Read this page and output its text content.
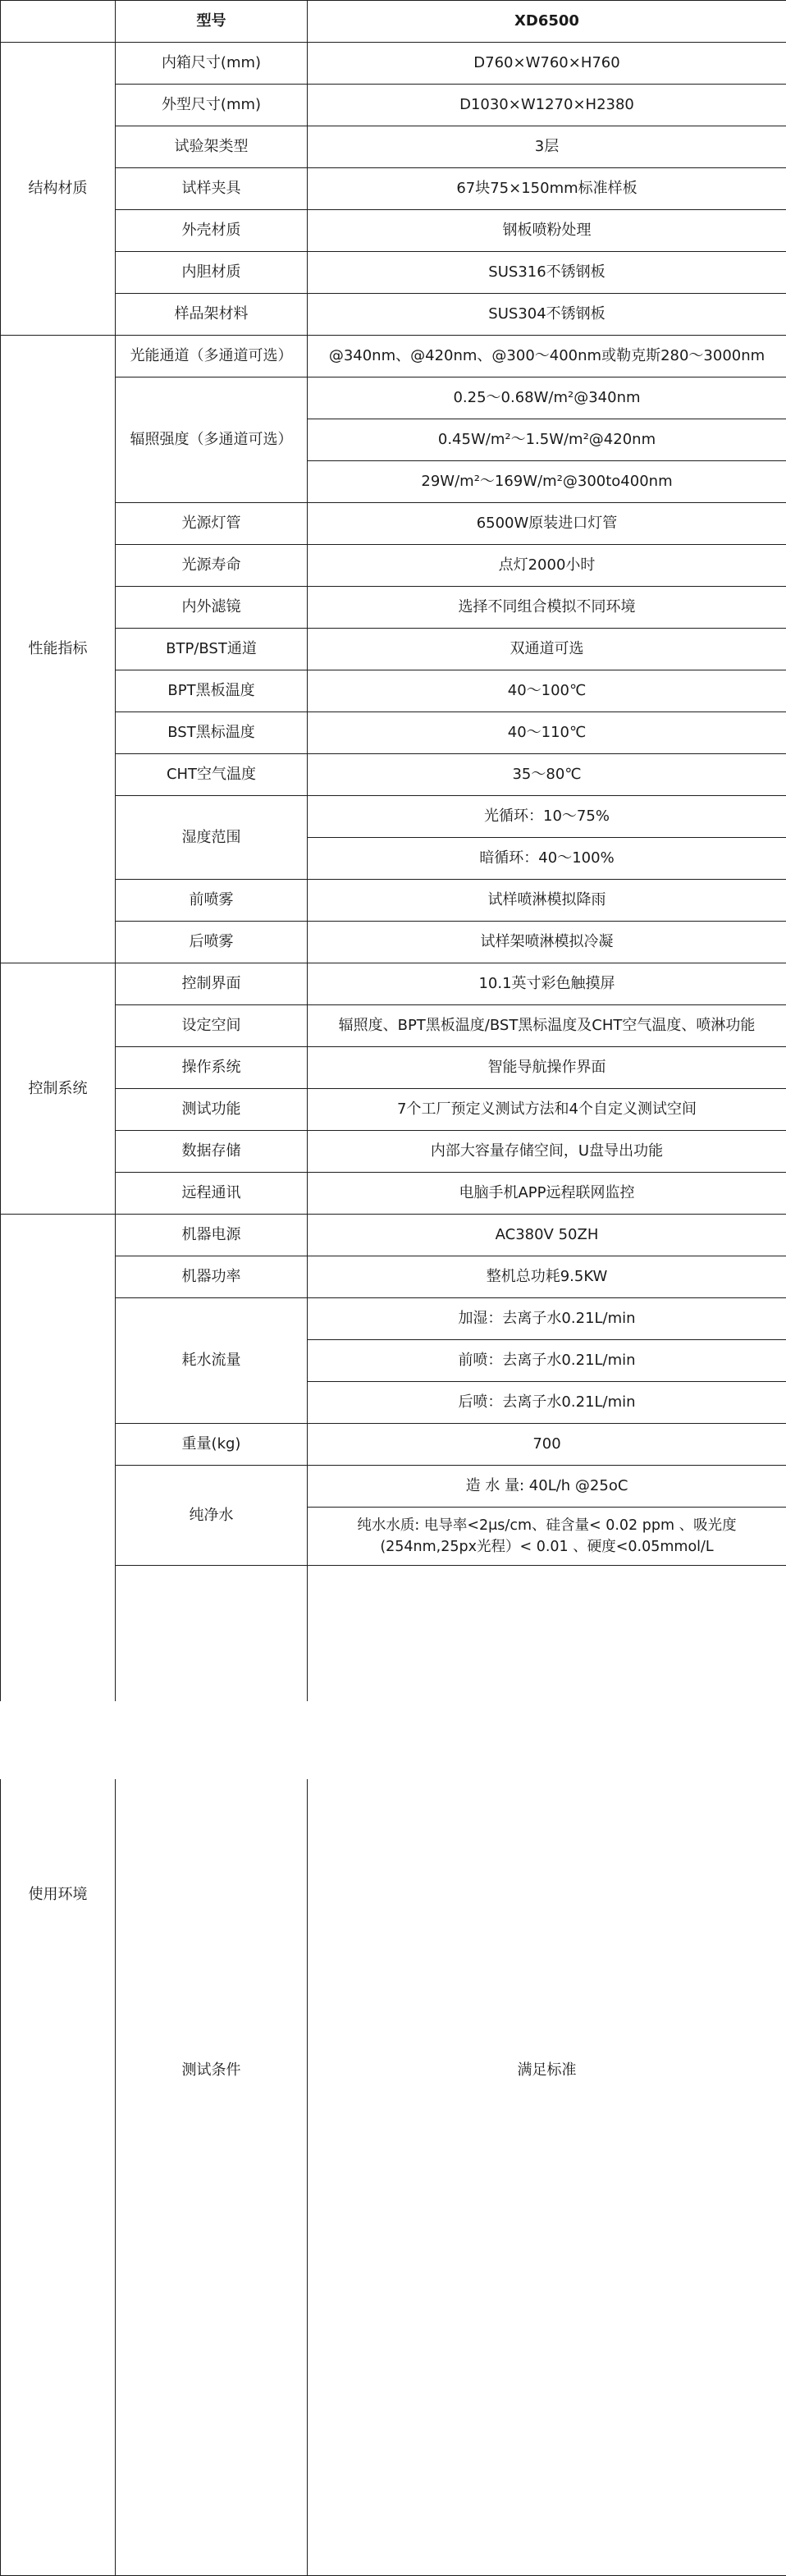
	型号	XD6500	
结构材质	内箱尺寸(mm)	D760×W760×H760	
	外型尺寸(mm)	D1030×W1270×H2380	
	试验架类型	3层	
	试样夹具	67块75×150mm标准样板	
	外壳材质	钢板喷粉处理	
	内胆材质	SUS316不锈钢板	
	样品架材料	SUS304不锈钢板	
性能指标	光能通道（多通道可选）	@340nm、@420nm、@300～400nm或勒克斯280～3000nm	
	辐照强度（多通道可选）	0.25～0.68W/m²@340nm	
		0.45W/m²～1.5W/m²@420nm	
		29W/m²～169W/m²@300to400nm	
	光源灯管	6500W原装进口灯管	
	光源寿命	点灯2000小时	
	内外滤镜	选择不同组合模拟不同环境	
	BTP/BST通道	双通道可选	
	BPT黑板温度	40～100℃	
	BST黑标温度	40～110℃	
	CHT空气温度	35～80℃	
	湿度范围	光循环：10～75%	
		暗循环：40～100%	
	前喷雾	试样喷淋模拟降雨	
	后喷雾	试样架喷淋模拟冷凝	
控制系统	控制界面	10.1英寸彩色触摸屏	
	设定空间	辐照度、BPT黑板温度/BST黑标温度及CHT空气温度、喷淋功能	
	操作系统	智能导航操作界面	
	测试功能	7个工厂预定义测试方法和4个自定义测试空间	
	数据存储	内部大容量存储空间，U盘导出功能	
	远程通讯	电脑手机APP远程联网监控	
使用环境	机器电源	AC380V 50ZH	
	机器功率	整机总功耗9.5KW	
	耗水流量	加湿：去离子水0.21L/min	
		前喷：去离子水0.21L/min	
		后喷：去离子水0.21L/min	
	重量(kg)	700	
	纯净水	造 水 量: 40L/h @25oC	
		纯水水质: 电导率<2μs/cm、硅含量< 0.02 ppm 、吸光度(254nm,25px光程）< 0.01 、硬度<0.05mmol/L	
	测试条件	满足标准	
